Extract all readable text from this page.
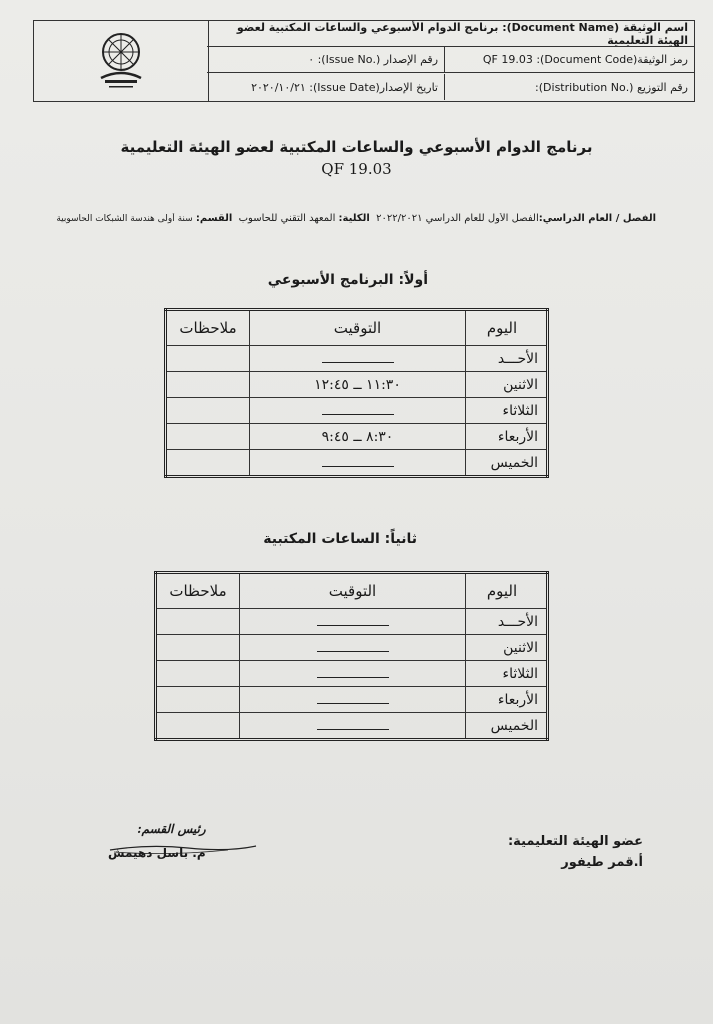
اسم الوثيقة (Document Name): برنامج الدوام الأسبوعي والساعات المكتبية لعضو الهيئة التعليمية
رمز الوثيقة(Document Code): QF 19.03
رقم الإصدار (.Issue No): ٠
رقم التوزيع (.Distribution No):
تاريخ الإصدار(Issue Date): ٢٠٢٠/١٠/٢١
برنامج الدوام الأسبوعي والساعات المكتبية لعضو الهيئة التعليمية
QF 19.03
الفصل / العام الدراسي:الفصل الأول للعام الدراسي ٢٠٢٢/٢٠٢١  الكلية: المعهد التقني للحاسوب  القسم: سنة أولى هندسة الشبكات الحاسوبية
أولاً: البرنامج الأسبوعي
اليوم	التوقيت	ملاحظات
الأحـــد		
الاثنين	١١:٣٠ ــ ١٢:٤٥	
الثلاثاء		
الأربعاء	٨:٣٠ ــ ٩:٤٥	
الخميس		
ثانياً: الساعات المكتبية
اليوم	التوقيت	ملاحظات
الأحـــد		
الاثنين		
الثلاثاء		
الأربعاء		
الخميس		
رئيس القسم:
م. باسل دهيمش
عضو الهيئة التعليمية:
أ.قمر طيفور
